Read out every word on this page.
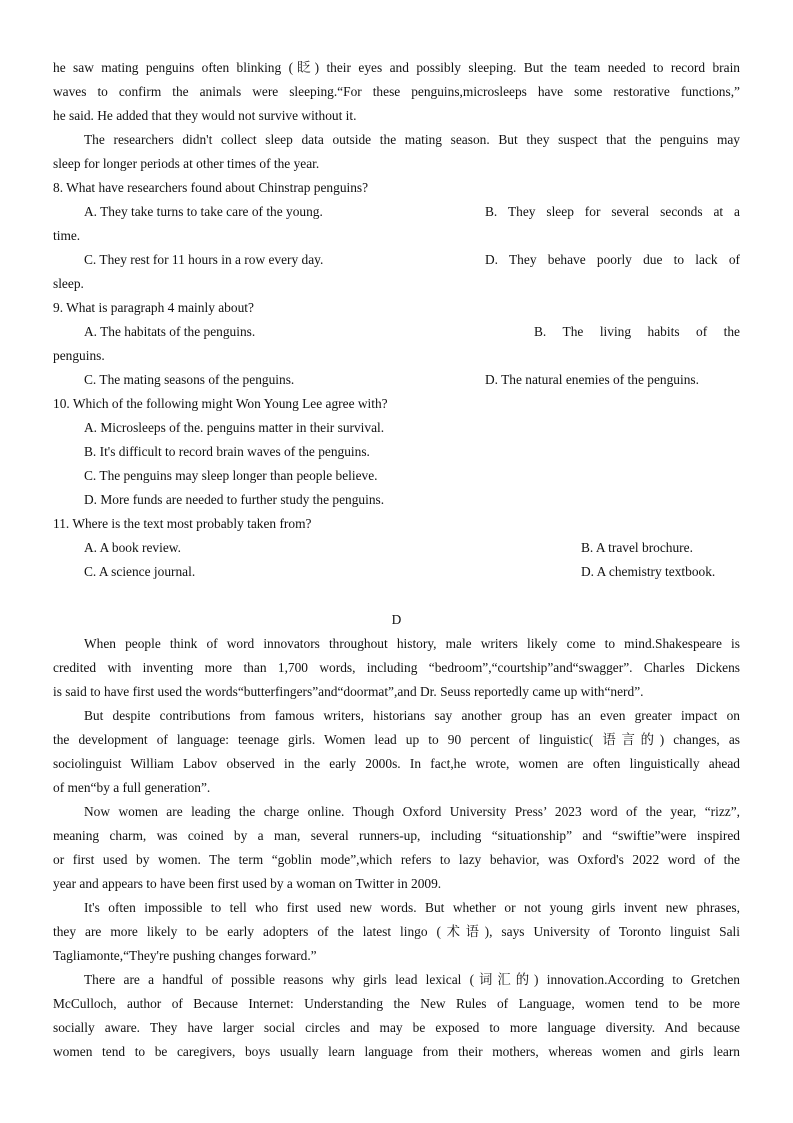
he saw mating penguins often blinking (眨) their eyes and possibly sleeping. But the team needed to record brain
waves to confirm the animals were sleeping.“For these penguins,microsleeps have some restorative functions,”
he said. He added that they would not survive without it.
The researchers didn't collect sleep data outside the mating season. But they suspect that the penguins may
sleep for longer periods at other times of the year.
8. What have researchers found about Chinstrap penguins?
A. They take turns to take care of the young.	B. They sleep for several seconds at a
time.
C. They rest for 11 hours in a row every day.	D. They behave poorly due to lack of
sleep.
9. What is paragraph 4 mainly about?
A. The habitats of the penguins.	B. The living habits of the
penguins.
C. The mating seasons of the penguins.	D. The natural enemies of the penguins.
10. Which of the following might Won Young Lee agree with?
A. Microsleeps of the. penguins matter in their survival.
B. It's difficult to record brain waves of the penguins.
C. The penguins may sleep longer than people believe.
D. More funds are needed to further study the penguins.
11. Where is the text most probably taken from?
A. A book review.	B. A travel brochure.
C. A science journal.	D. A chemistry textbook.
D
When people think of word innovators throughout history, male writers likely come to mind.Shakespeare is
credited with inventing more than 1,700 words, including “bedroom”,“courtship”and“swagger”. Charles Dickens
is said to have first used the words“butterfingers”and“doormat”,and Dr. Seuss reportedly came up with“nerd”.
But despite contributions from famous writers, historians say another group has an even greater impact on
the development of language: teenage girls. Women lead up to 90 percent of linguistic( 语言的) changes, as
sociolinguist William Labov observed in the early 2000s. In fact,he wrote, women are often linguistically ahead
of men“by a full generation”.
Now women are leading the charge online. Though Oxford University Press’ 2023 word of the year, “rizz”,
meaning charm, was coined by a man, several runners-up, including “situationship” and “swiftie”were inspired
or first used by women. The term “goblin mode”,which refers to lazy behavior, was Oxford's 2022 word of the
year and appears to have been first used by a woman on Twitter in 2009.
It's often impossible to tell who first used new words. But whether or not young girls invent new phrases,
they are more likely to be early adopters of the latest lingo (术语), says University of Toronto linguist Sali
Tagliamonte,“They're pushing changes forward.”
There are a handful of possible reasons why girls lead lexical (词汇的) innovation.According to Gretchen
McCulloch, author of Because Internet: Understanding the New Rules of Language, women tend to be more
socially aware. They have larger social circles and may be exposed to more language diversity. And because
women tend to be caregivers, boys usually learn language from their mothers, whereas women and girls learn
